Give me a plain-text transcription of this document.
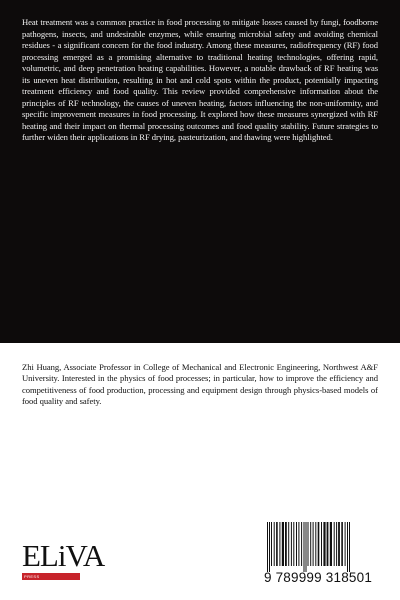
Heat treatment was a common practice in food processing to mitigate losses caused by fungi, foodborne pathogens, insects, and undesirable enzymes, while ensuring microbial safety and avoiding chemical residues - a significant concern for the food industry. Among these measures, radiofrequency (RF) food processing emerged as a promising alternative to traditional heating technologies, offering rapid, volumetric, and deep penetration heating capabilities. However, a notable drawback of RF heating was its uneven heat distribution, resulting in hot and cold spots within the product, potentially impacting treatment efficiency and food quality. This review provided comprehensive information about the principles of RF technology, the causes of uneven heating, factors influencing the non-uniformity, and specific improvement measures in food processing. It explored how these measures synergized with RF heating and their impact on thermal processing outcomes and food quality stability. Future strategies to further widen their applications in RF drying, pasteurization, and thawing were highlighted.

Zhi Huang, Associate Professor in College of Mechanical and Electronic Engineering, Northwest A&F University. Interested in the physics of food processes; in particular, how to improve the efficiency and competitiveness of food production, processing and equipment design through physics-based models of food quality and safety.

ELiVA
PRESS	9 789999 318501
